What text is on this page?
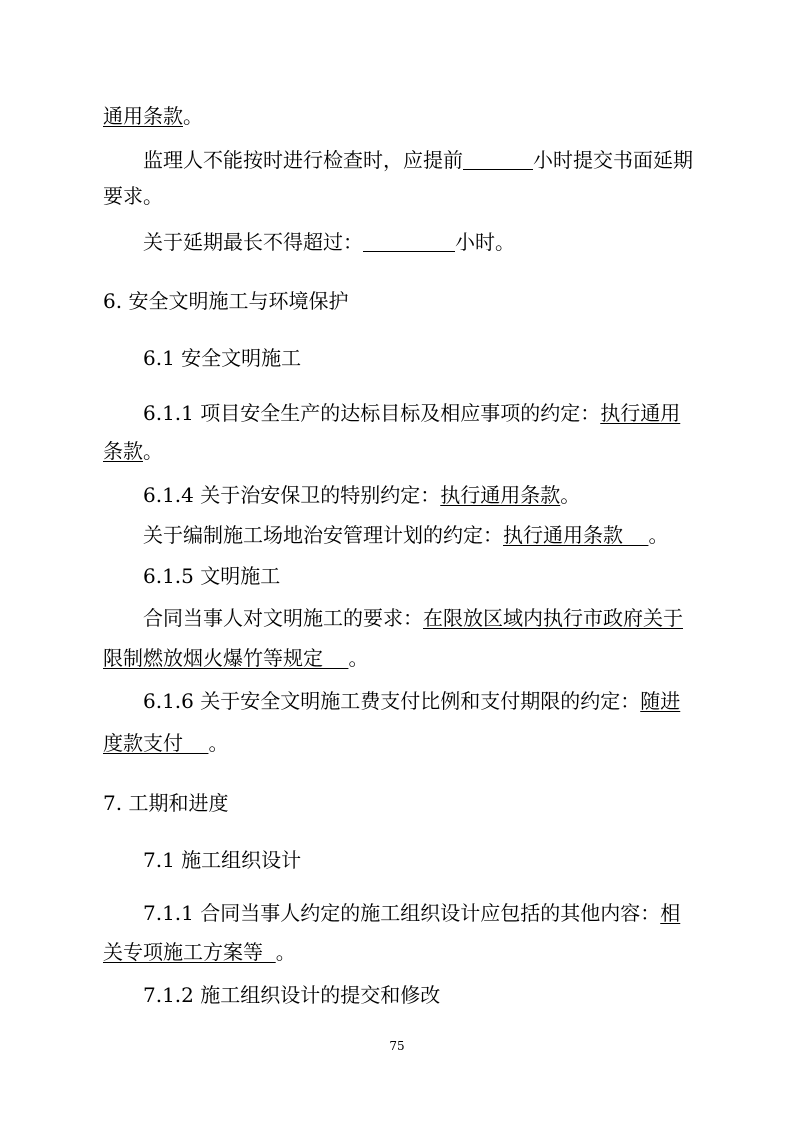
通用条款。
监理人不能按时进行检查时，应提前	小时提交书面延期
要求。
关于延期最长不得超过：	小时。
6. 安全文明施工与环境保护
6.1 安全文明施工
6.1.1 项目安全生产的达标目标及相应事项的约定：执行通用
条款。
6.1.4 关于治安保卫的特别约定：执行通用条款。
关于编制施工场地治安管理计划的约定：执行通用条款    。
6.1.5 文明施工
合同当事人对文明施工的要求：在限放区域内执行市政府关于
限制燃放烟火爆竹等规定    。
6.1.6 关于安全文明施工费支付比例和支付期限的约定：随进
度款支付    。
7. 工期和进度
7.1 施工组织设计
7.1.1 合同当事人约定的施工组织设计应包括的其他内容：相
关专项施工方案等  。
7.1.2 施工组织设计的提交和修改
75
